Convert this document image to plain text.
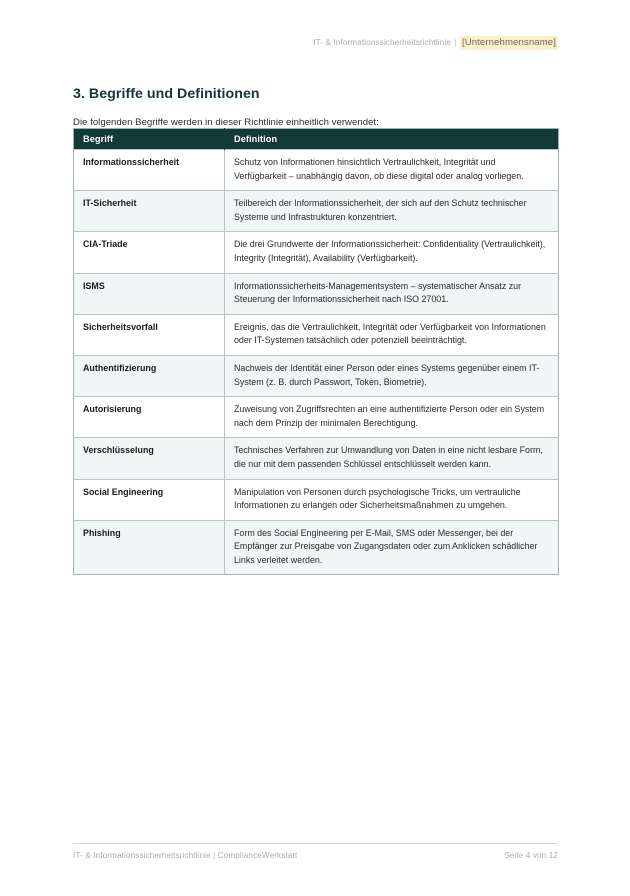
IT- & Informationssicherheitsrichtlinie | [Unternehmensname]
3. Begriffe und Definitionen

Die folgenden Begriffe werden in dieser Richtlinie einheitlich verwendet:

Begriff	Definition
Informationssicherheit	Schutz von Informationen hinsichtlich Vertraulichkeit, Integrität und Verfügbarkeit – unabhängig davon, ob diese digital oder analog vorliegen.
IT-Sicherheit	Teilbereich der Informationssicherheit, der sich auf den Schutz technischer Systeme und Infrastrukturen konzentriert.
CIA-Triade	Die drei Grundwerte der Informationssicherheit: Confidentiality (Vertraulichkeit), Integrity (Integrität), Availability (Verfügbarkeit).
ISMS	Informationssicherheits-Managementsystem – systematischer Ansatz zur Steuerung der Informationssicherheit nach ISO 27001.
Sicherheitsvorfall	Ereignis, das die Vertraulichkeit, Integrität oder Verfügbarkeit von Informationen oder IT-Systemen tatsächlich oder potenziell beeinträchtigt.
Authentifizierung	Nachweis der Identität einer Person oder eines Systems gegenüber einem IT-System (z. B. durch Passwort, Token, Biometrie).
Autorisierung	Zuweisung von Zugriffsrechten an eine authentifizierte Person oder ein System nach dem Prinzip der minimalen Berechtigung.
Verschlüsselung	Technisches Verfahren zur Umwandlung von Daten in eine nicht lesbare Form, die nur mit dem passenden Schlüssel entschlüsselt werden kann.
Social Engineering	Manipulation von Personen durch psychologische Tricks, um vertrauliche Informationen zu erlangen oder Sicherheitsmaßnahmen zu umgehen.
Phishing	Form des Social Engineering per E-Mail, SMS oder Messenger, bei der Empfänger zur Preisgabe von Zugangsdaten oder zum Anklicken schädlicher Links verleitet werden.
IT- & Informationssicherheitsrichtlinie | ComplianceWerkstatt	Seite 4 von 12
